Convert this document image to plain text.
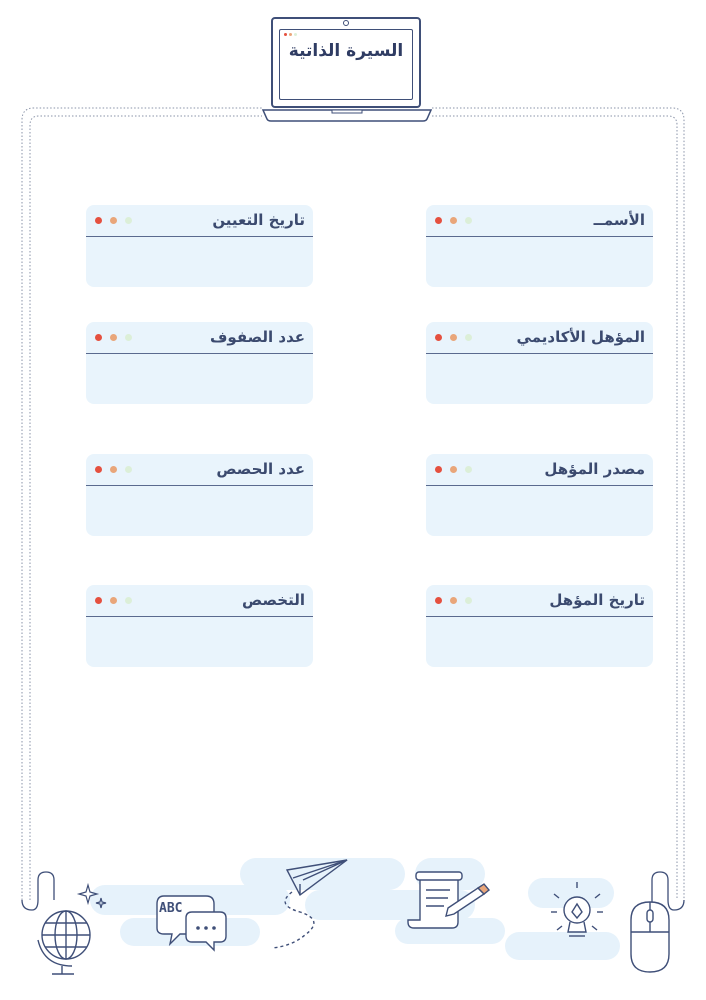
السيرة الذاتية
الأسمــ
المؤهل الأكاديمي
مصدر المؤهل
تاريخ المؤهل
تاريخ التعيين
عدد الصفوف
عدد الحصص
التخصص
ABC
